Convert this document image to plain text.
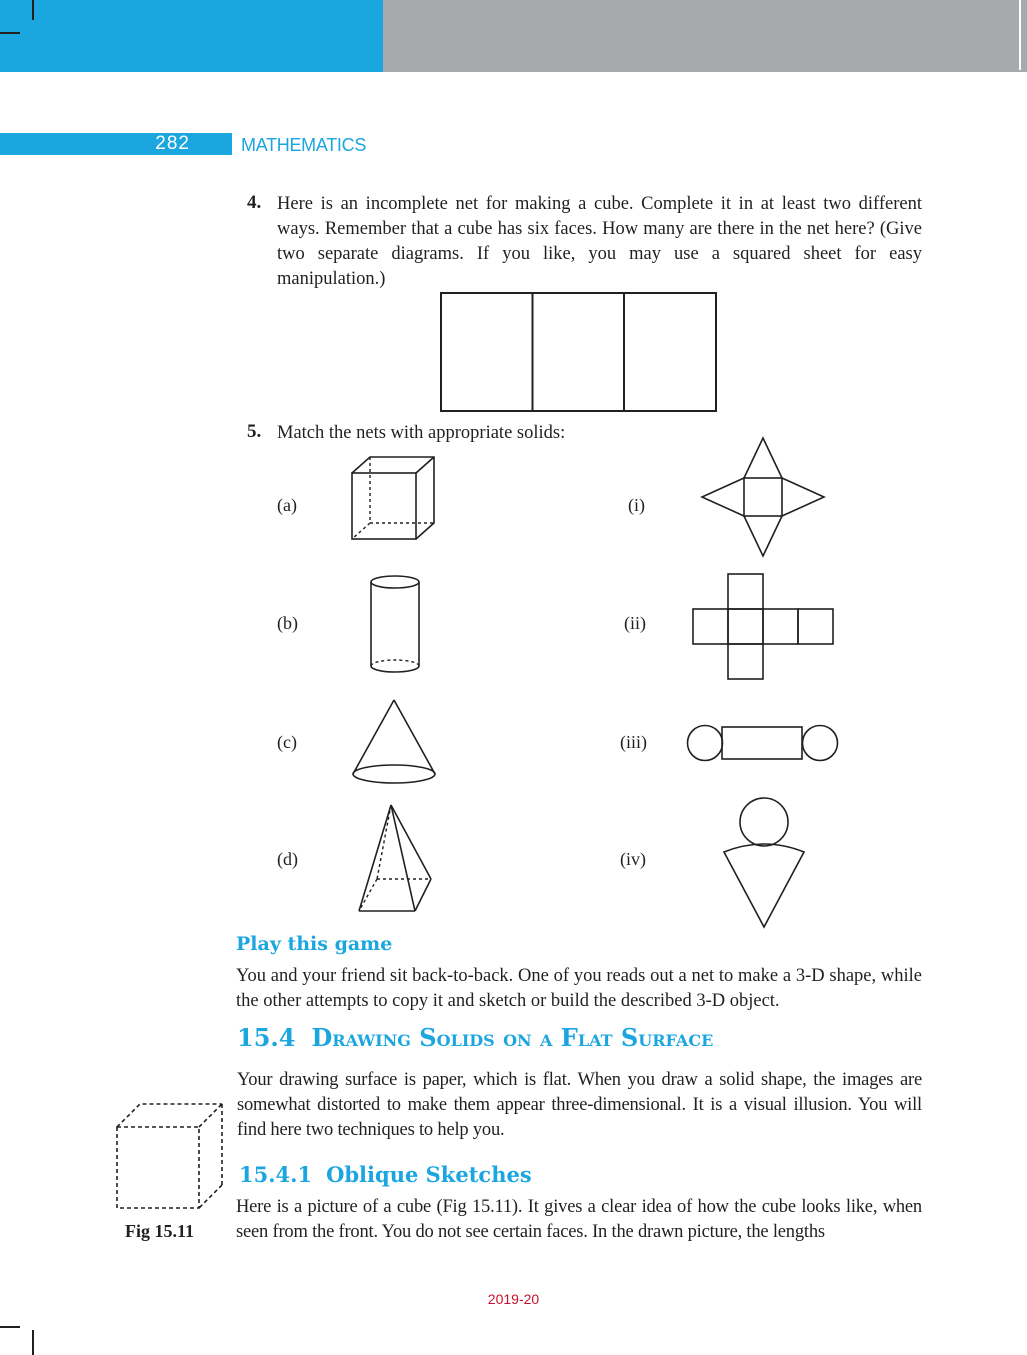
282	MATHEMATICS
4. Here is an incomplete net for making a cube. Complete it in at least two different ways. Remember that a cube has six faces. How many are there in the net here? (Give two separate diagrams. If you like, you may use a squared sheet for easy manipulation.)
5. Match the nets with appropriate solids:
(a)
(b)
(c)
(d)
(i)
(ii)
(iii)
(iv)
Play this game
You and your friend sit back-to-back. One of you reads out a net to make a 3-D shape, while the other attempts to copy it and sketch or build the described 3-D object.
15.4 DRAWING SOLIDS ON A FLAT SURFACE
Your drawing surface is paper, which is flat. When you draw a solid shape, the images are somewhat distorted to make them appear three-dimensional. It is a visual illusion. You will find here two techniques to help you.
Fig 15.11
15.4.1 Oblique Sketches
Here is a picture of a cube (Fig 15.11). It gives a clear idea of how the cube looks like, when seen from the front. You do not see certain faces. In the drawn picture, the lengths
2019-20
